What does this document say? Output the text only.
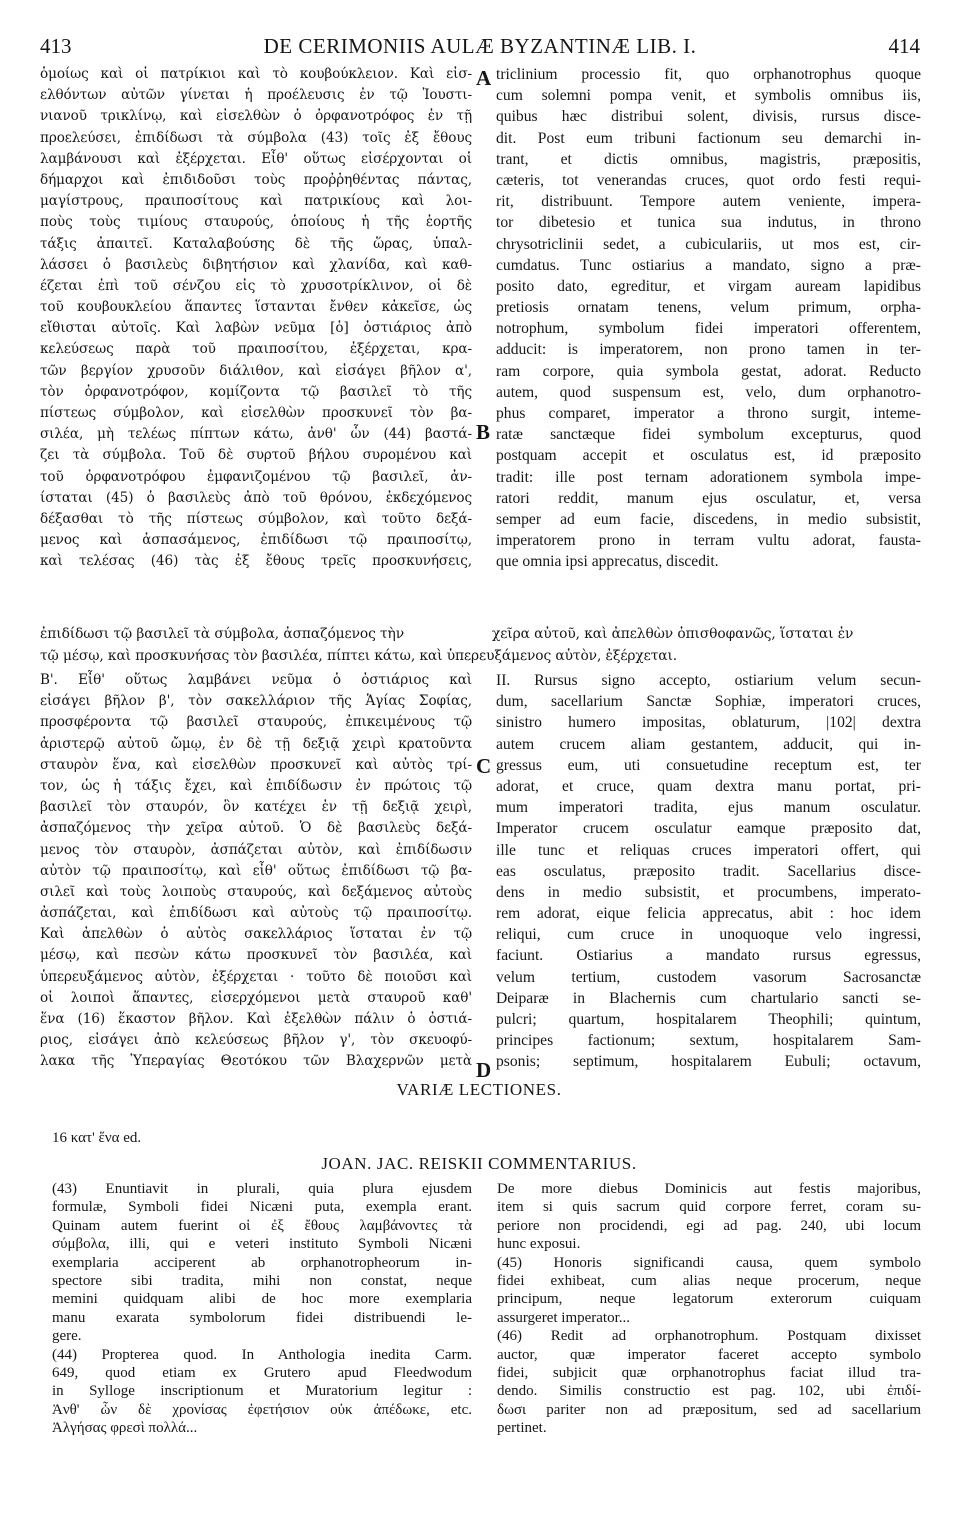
413	DE CERIMONIIS AULÆ BYZANTINÆ LIB. I.	414
ὁμοίως καὶ οἱ πατρίκιοι καὶ τὸ κουβούκλειον. Καὶ εἰσ-
ελθόντων αὐτῶν γίνεται ἡ προέλευσις ἐν τῷ Ἰουστι-
νιανοῦ τρικλίνῳ, καὶ εἰσελθὼν ὁ ὀρφανοτρόφος ἐν τῇ
προελεύσει, ἐπιδίδωσι τὰ σύμβολα (43) τοῖς ἐξ ἔθους
λαμβάνουσι καὶ ἐξέρχεται. Εἶθ' οὕτως εἰσέρχονται οἱ
δήμαρχοι καὶ ἐπιδιδοῦσι τοὺς προῤῥηθέντας πάντας,
μαγίστρους, πραιποσίτους καὶ πατρικίους καὶ λοι-
ποὺς τοὺς τιμίους σταυρούς, ὁποίους ἡ τῆς ἑορτῆς
τάξις ἀπαιτεῖ. Καταλαβούσης δὲ τῆς ὥρας, ὑπαλ-
λάσσει ὁ βασιλεὺς διβητήσιον καὶ χλανίδα, καὶ καθ-
έζεται ἐπὶ τοῦ σένζου εἰς τὸ χρυσοτρίκλινον, οἱ δὲ
τοῦ κουβουκλείου ἅπαντες ἵστανται ἔνθεν κἀκεῖσε, ὡς
εἴθισται αὐτοῖς. Καὶ λαβὼν νεῦμα [ὁ] ὀστιάριος ἀπὸ
κελεύσεως παρὰ τοῦ πραιποσίτου, ἐξέρχεται, κρα-
τῶν βεργίον χρυσοῦν διάλιθον, καὶ εἰσάγει βῆλον α',
τὸν ὀρφανοτρόφον, κομίζοντα τῷ βασιλεῖ τὸ τῆς
πίστεως σύμβολον, καὶ εἰσελθὼν προσκυνεῖ τὸν βα-
σιλέα, μὴ τελέως πίπτων κάτω, ἀνθ' ὧν (44) βαστά-
ζει τὰ σύμβολα. Τοῦ δὲ συρτοῦ βήλου συρομένου καὶ
τοῦ ὀρφανοτρόφου ἐμφανιζομένου τῷ βασιλεῖ, ἀν-
ίσταται (45) ὁ βασιλεὺς ἀπὸ τοῦ θρόνου, ἐκδεχόμενος
δέξασθαι τὸ τῆς πίστεως σύμβολον, καὶ τοῦτο δεξά-
μενος καὶ ἀσπασάμενος, ἐπιδίδωσι τῷ πραιποσίτῳ,
καὶ τελέσας (46) τὰς ἐξ ἔθους τρεῖς προσκυνήσεις,
triclinium processio fit, quo orphanotrophus quoque
cum solemni pompa venit, et symbolis omnibus iis,
quibus hæc distribui solent, divisis, rursus disce-
dit. Post eum tribuni factionum seu demarchi in-
trant, et dictis omnibus, magistris, præpositis,
cæteris, tot venerandas cruces, quot ordo festi requi-
rit, distribuunt. Tempore autem veniente, impera-
tor dibetesio et tunica sua indutus, in throno
chrysotriclinii sedet, a cubiculariis, ut mos est, cir-
cumdatus. Tunc ostiarius a mandato, signo a præ-
posito dato, egreditur, et virgam auream lapidibus
pretiosis ornatam tenens, velum primum, orpha-
notrophum, symbolum fidei imperatori offerentem,
adducit: is imperatorem, non prono tamen in ter-
ram corpore, quia symbola gestat, adorat. Reducto
autem, quod suspensum est, velo, dum orphanotro-
phus comparet, imperator a throno surgit, inteme-
ratæ sanctæque fidei symbolum excepturus, quod
postquam accepit et osculatus est, id præposito
tradit: ille post ternam adorationem symbola impe-
ratori reddit, manum ejus osculatur, et, versa
semper ad eum facie, discedens, in medio subsistit,
imperatorem prono in terram vultu adorat, fausta-
que omnia ipsi apprecatus, discedit.
ἐπιδίδωσι τῷ βασιλεῖ τὰ σύμβολα, ἀσπαζόμενος τὴν	χεῖρα αὐτοῦ, καὶ ἀπελθὼν ὀπισθοφανῶς, ἵσταται ἐν
τῷ μέσῳ, καὶ προσκυνήσας τὸν βασιλέα, πίπτει κάτω, καὶ ὑπερευξάμενος αὐτὸν, ἐξέρχεται.
Β'. Εἶθ' οὕτως λαμβάνει νεῦμα ὁ ὀστιάριος καὶ
εἰσάγει βῆλον β', τὸν σακελλάριον τῆς Ἁγίας Σοφίας,
προσφέροντα τῷ βασιλεῖ σταυρούς, ἐπικειμένους τῷ
ἀριστερῷ αὐτοῦ ὤμῳ, ἐν δὲ τῇ δεξιᾷ χειρὶ κρατοῦντα
σταυρὸν ἕνα, καὶ εἰσελθὼν προσκυνεῖ καὶ αὐτὸς τρί-
τον, ὡς ἡ τάξις ἔχει, καὶ ἐπιδίδωσιν ἐν πρώτοις τῷ
βασιλεῖ τὸν σταυρόν, ὃν κατέχει ἐν τῇ δεξιᾷ χειρὶ,
ἀσπαζόμενος τὴν χεῖρα αὐτοῦ. Ὁ δὲ βασιλεὺς δεξά-
μενος τὸν σταυρὸν, ἀσπάζεται αὐτὸν, καὶ ἐπιδίδωσιν
αὐτὸν τῷ πραιποσίτῳ, καὶ εἶθ' οὕτως ἐπιδίδωσι τῷ βα-
σιλεῖ καὶ τοὺς λοιποὺς σταυρούς, καὶ δεξάμενος αὐτοὺς
ἀσπάζεται, καὶ ἐπιδίδωσι καὶ αὐτοὺς τῷ πραιποσίτῳ.
Καὶ ἀπελθὼν ὁ αὐτὸς σακελλάριος ἵσταται ἐν τῷ
μέσῳ, καὶ πεσὼν κάτω προσκυνεῖ τὸν βασιλέα, καὶ
ὑπερευξάμενος αὐτὸν, ἐξέρχεται · τοῦτο δὲ ποιοῦσι καὶ
οἱ λοιποὶ ἅπαντες, εἰσερχόμενοι μετὰ σταυροῦ καθ'
ἕνα (16) ἕκαστον βῆλον. Καὶ ἐξελθὼν πάλιν ὁ ὀστιά-
ριος, εἰσάγει ἀπὸ κελεύσεως βῆλον γ', τὸν σκευοφύ-
λακα τῆς Ὑπεραγίας Θεοτόκου τῶν Βλαχερνῶν μετὰ
II. Rursus signo accepto, ostiarium velum secun-
dum, sacellarium Sanctæ Sophiæ, imperatori cruces,
sinistro humero impositas, oblaturum, |102| dextra
autem crucem aliam gestantem, adducit, qui in-
gressus eum, uti consuetudine receptum est, ter
adorat, et cruce, quam dextra manu portat, pri-
mum imperatori tradita, ejus manum osculatur.
Imperator crucem osculatur eamque præposito dat,
ille tunc et reliquas cruces imperatori offert, qui
eas osculatus, præposito tradit. Sacellarius disce-
dens in medio subsistit, et procumbens, imperato-
rem adorat, eique felicia apprecatus, abit : hoc idem
reliqui, cum cruce in unoquoque velo ingressi,
faciunt. Ostiarius a mandato rursus egressus,
velum tertium, custodem vasorum Sacrosanctæ
Deiparæ in Blachernis cum chartulario sancti se-
pulcri; quartum, hospitalarem Theophili; quintum,
principes factionum; sextum, hospitalarem Sam-
psonis; septimum, hospitalarem Eubuli; octavum,
A
B
C
D
VARIÆ LECTIONES.
16 κατ' ἕνα ed.
JOAN. JAC. REISKII COMMENTARIUS.
(43) Enuntiavit in plurali, quia plura ejusdem
formulæ, Symboli fidei Nicæni puta, exempla erant.
Quinam autem fuerint οἱ ἐξ ἔθους λαμβάνοντες τὰ
σύμβολα, illi, qui e veteri instituto Symboli Nicæni
exemplaria acciperent ab orphanotropheorum in-
spectore sibi tradita, mihi non constat, neque
memini quidquam alibi de hoc more exemplaria
manu exarata symbolorum fidei distribuendi le-
gere.
(44) Propterea quod. In Anthologia inedita Carm.
649, quod etiam ex Grutero apud Fleedwodum
in Sylloge inscriptionum et Muratorium legitur :
Ἀνθ' ὧν δὲ χρονίσας ἐφετήσιον οὐκ ἀπέδωκε, etc.
Ἀλγήσας φρεσὶ πολλά...
De more diebus Dominicis aut festis majoribus,
item si quis sacrum quid corpore ferret, coram su-
periore non procidendi, egi ad pag. 240, ubi locum
hunc exposui.
(45) Honoris significandi causa, quem symbolo
fidei exhibeat, cum alias neque procerum, neque
principum, neque legatorum exterorum cuiquam
assurgeret imperator...
(46) Redit ad orphanotrophum. Postquam dixisset
auctor, quæ imperator faceret accepto symbolo
fidei, subjicit quæ orphanotrophus faciat illud tra-
dendo. Similis constructio est pag. 102, ubi ἐπιδί-
δωσι pariter non ad præpositum, sed ad sacellarium
pertinet.
